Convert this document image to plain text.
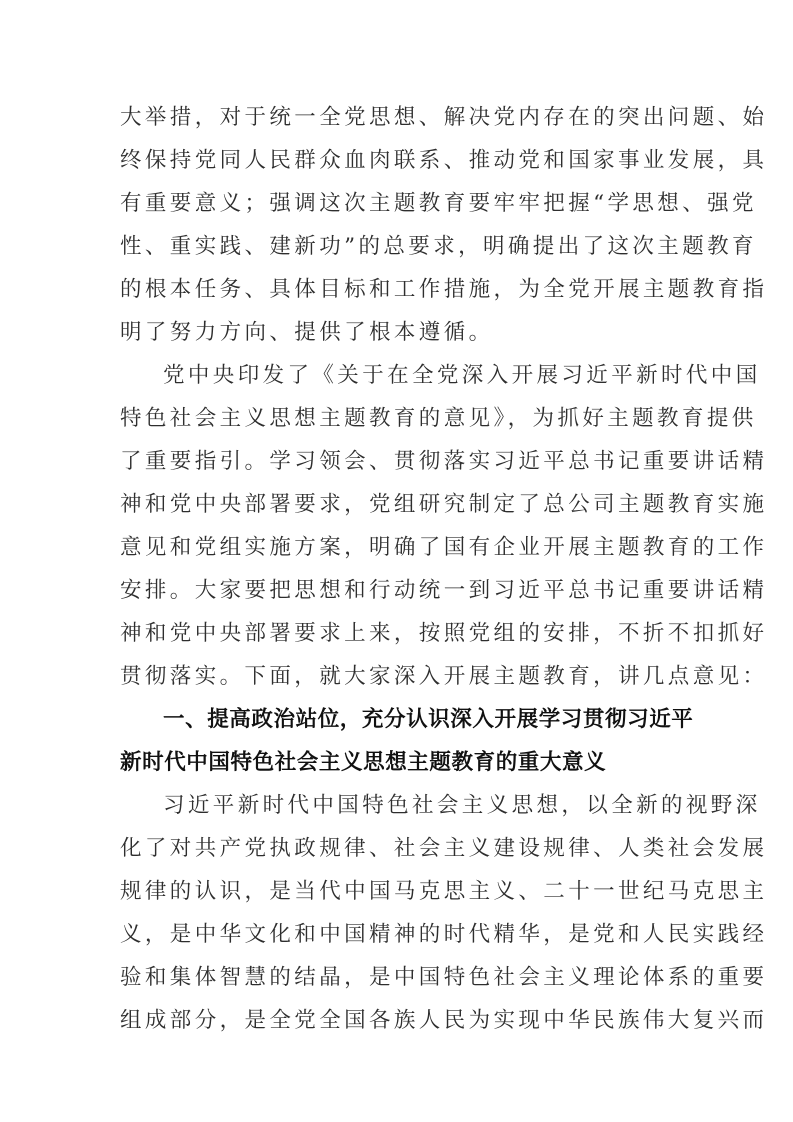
大举措，对于统一全党思想、解决党内存在的突出问题、始
终保持党同人民群众血肉联系、推动党和国家事业发展，具
有重要意义；强调这次主题教育要牢牢把握“学思想、强党
性、重实践、建新功”的总要求，明确提出了这次主题教育
的根本任务、具体目标和工作措施，为全党开展主题教育指
明了努力方向、提供了根本遵循。
党中央印发了《关于在全党深入开展习近平新时代中国
特色社会主义思想主题教育的意见》，为抓好主题教育提供
了重要指引。学习领会、贯彻落实习近平总书记重要讲话精
神和党中央部署要求，党组研究制定了总公司主题教育实施
意见和党组实施方案，明确了国有企业开展主题教育的工作
安排。大家要把思想和行动统一到习近平总书记重要讲话精
神和党中央部署要求上来，按照党组的安排，不折不扣抓好
贯彻落实。下面，就大家深入开展主题教育，讲几点意见：
一、提高政治站位，充分认识深入开展学习贯彻习近平
新时代中国特色社会主义思想主题教育的重大意义
习近平新时代中国特色社会主义思想，以全新的视野深
化了对共产党执政规律、社会主义建设规律、人类社会发展
规律的认识，是当代中国马克思主义、二十一世纪马克思主
义，是中华文化和中国精神的时代精华，是党和人民实践经
验和集体智慧的结晶，是中国特色社会主义理论体系的重要
组成部分，是全党全国各族人民为实现中华民族伟大复兴而
